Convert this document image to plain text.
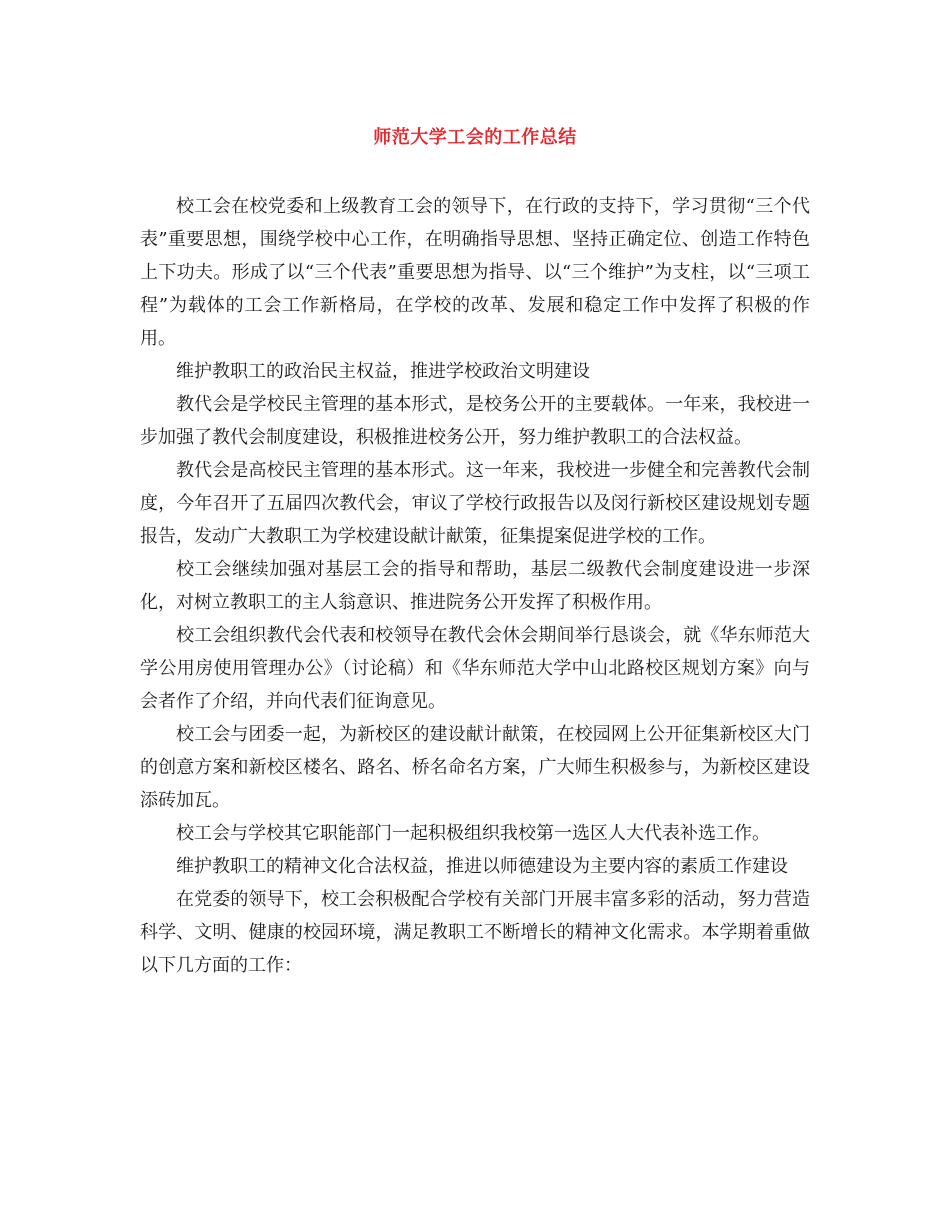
师范大学工会的工作总结

校工会在校党委和上级教育工会的领导下，在行政的支持下，学习贯彻“三个代表”重要思想，围绕学校中心工作，在明确指导思想、坚持正确定位、创造工作特色上下功夫。形成了以“三个代表”重要思想为指导、以“三个维护”为支柱，以“三项工程”为载体的工会工作新格局，在学校的改革、发展和稳定工作中发挥了积极的作用。

维护教职工的政治民主权益，推进学校政治文明建设

教代会是学校民主管理的基本形式，是校务公开的主要载体。一年来，我校进一步加强了教代会制度建设，积极推进校务公开，努力维护教职工的合法权益。

教代会是高校民主管理的基本形式。这一年来，我校进一步健全和完善教代会制度，今年召开了五届四次教代会，审议了学校行政报告以及闵行新校区建设规划专题报告，发动广大教职工为学校建设献计献策，征集提案促进学校的工作。

校工会继续加强对基层工会的指导和帮助，基层二级教代会制度建设进一步深化，对树立教职工的主人翁意识、推进院务公开发挥了积极作用。

校工会组织教代会代表和校领导在教代会休会期间举行恳谈会，就《华东师范大学公用房使用管理办公》（讨论稿）和《华东师范大学中山北路校区规划方案》向与会者作了介绍，并向代表们征询意见。

校工会与团委一起，为新校区的建设献计献策，在校园网上公开征集新校区大门的创意方案和新校区楼名、路名、桥名命名方案，广大师生积极参与，为新校区建设添砖加瓦。

校工会与学校其它职能部门一起积极组织我校第一选区人大代表补选工作。

维护教职工的精神文化合法权益，推进以师德建设为主要内容的素质工作建设

在党委的领导下，校工会积极配合学校有关部门开展丰富多彩的活动，努力营造科学、文明、健康的校园环境，满足教职工不断增长的精神文化需求。本学期着重做以下几方面的工作：
